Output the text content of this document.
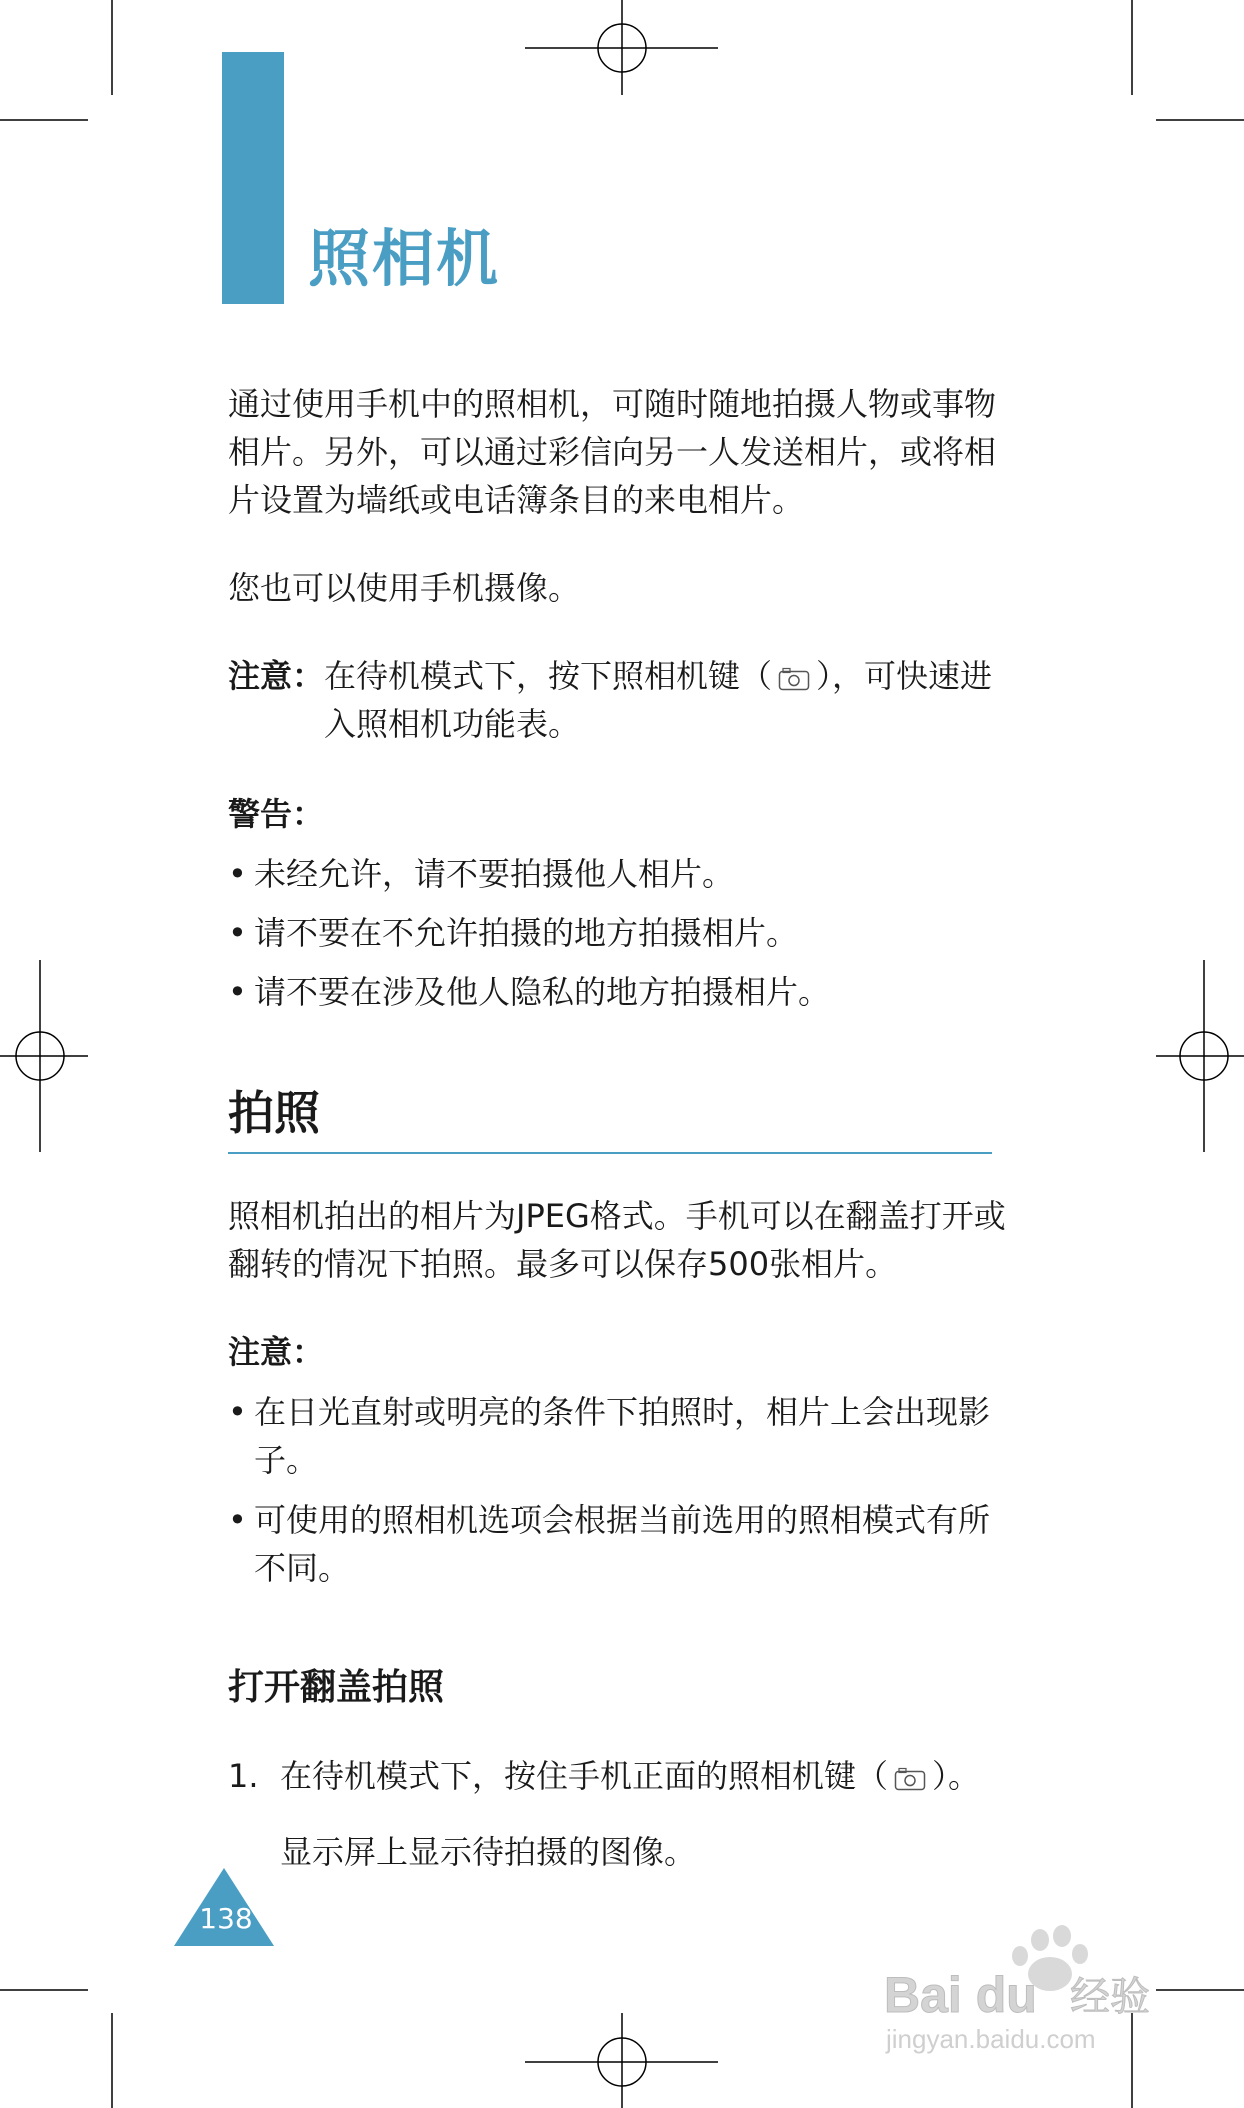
照相机
通过使用手机中的照相机，可随时随地拍摄人物或事物相片。另外，可以通过彩信向另一人发送相片，或将相片设置为墙纸或电话簿条目的来电相片。
您也可以使用手机摄像。
注意： 在待机模式下，按下照相机键（ ），可快速进入照相机功能表。
警告：
• 未经允许，请不要拍摄他人相片。
• 请不要在不允许拍摄的地方拍摄相片。
• 请不要在涉及他人隐私的地方拍摄相片。
拍照
照相机拍出的相片为JPEG格式。手机可以在翻盖打开或翻转的情况下拍照。最多可以保存500张相片。
注意：
• 在日光直射或明亮的条件下拍照时，相片上会出现影子。
• 可使用的照相机选项会根据当前选用的照相模式有所不同。
打开翻盖拍照
1. 在待机模式下，按住手机正面的照相机键（ ）。
显示屏上显示待拍摄的图像。
138
Bai du 经验
jingyan.baidu.com
